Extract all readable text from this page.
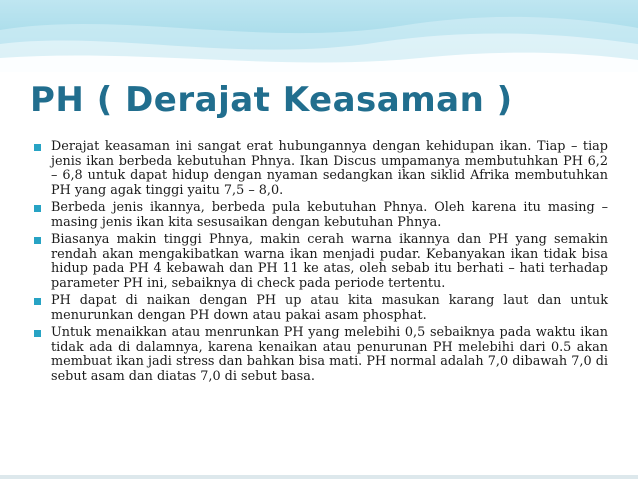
PH ( Derajat Keasaman )
Derajat keasaman ini sangat erat hubungannya dengan kehidupan ikan. Tiap – tiap jenis ikan berbeda kebutuhan Phnya. Ikan Discus umpamanya membutuhkan PH 6,2 – 6,8 untuk dapat hidup dengan nyaman sedangkan ikan siklid Afrika membutuhkan PH yang agak tinggi yaitu 7,5 – 8,0.
Berbeda jenis ikannya, berbeda pula kebutuhan Phnya. Oleh karena itu masing – masing jenis ikan kita sesusaikan dengan kebutuhan Phnya.
Biasanya makin tinggi Phnya, makin cerah warna ikannya dan PH yang semakin rendah akan mengakibatkan warna ikan menjadi pudar. Kebanyakan ikan tidak bisa hidup pada PH 4 kebawah dan PH 11 ke atas, oleh sebab itu berhati – hati terhadap parameter PH ini, sebaiknya di check pada periode tertentu.
PH dapat di naikan dengan PH up atau kita masukan karang laut dan untuk menurunkan dengan PH down atau pakai asam phosphat.
Untuk menaikkan atau menrunkan PH yang melebihi 0,5 sebaiknya pada waktu ikan tidak ada di dalamnya, karena kenaikan atau penurunan PH melebihi dari 0.5 akan membuat ikan jadi stress dan bahkan bisa mati. PH normal adalah 7,0 dibawah 7,0 di sebut asam dan diatas 7,0 di sebut basa.
